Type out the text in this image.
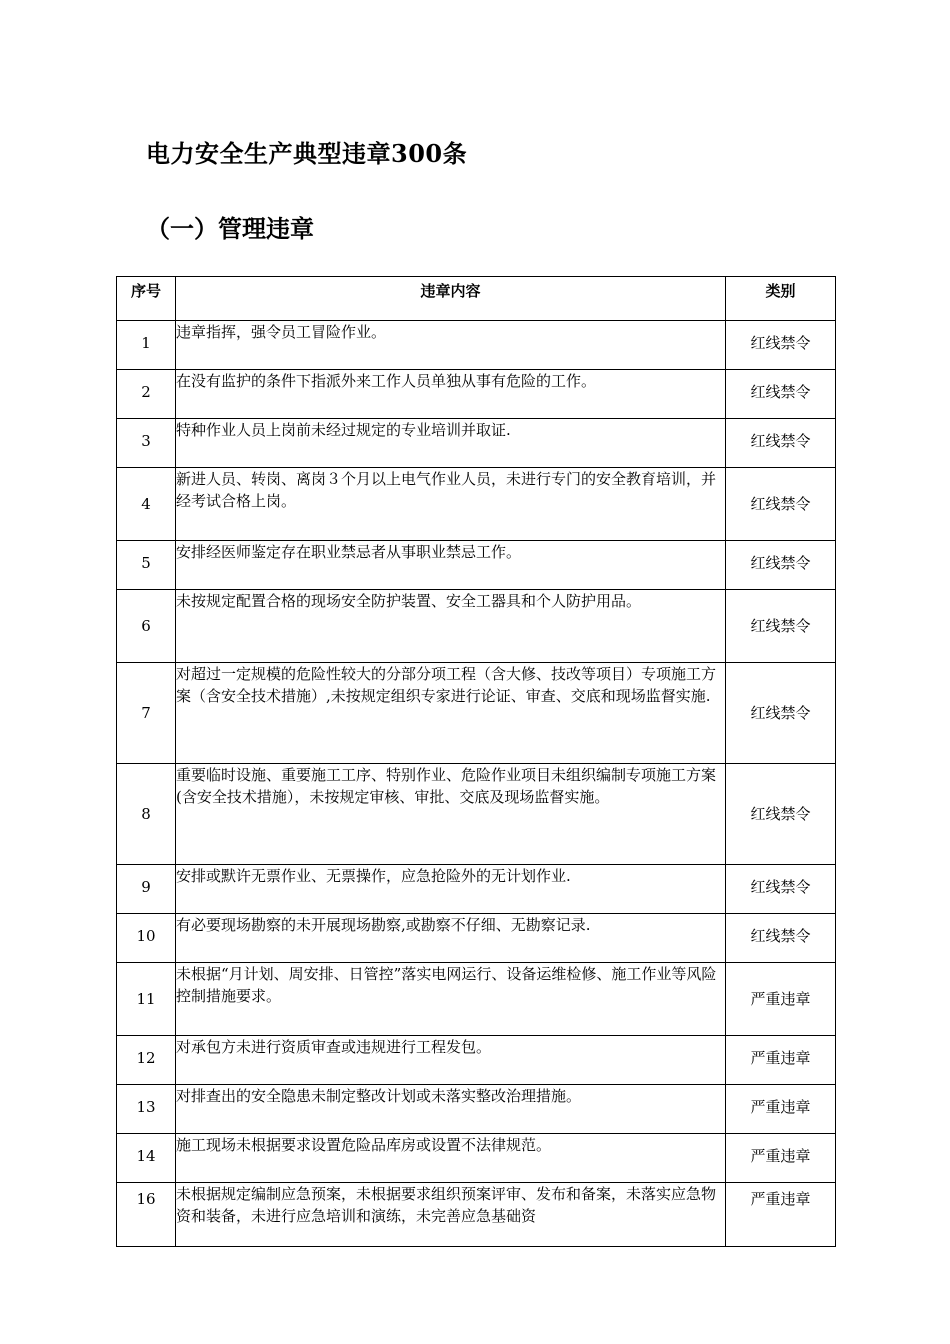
电力安全生产典型违章300条
（一）管理违章
序号	违章内容	类别
1	违章指挥，强令员工冒险作业。	红线禁令
2	在没有监护的条件下指派外来工作人员单独从事有危险的工作。	红线禁令
3	特种作业人员上岗前未经过规定的专业培训并取证.	红线禁令
4	新进人员、转岗、离岗３个月以上电气作业人员，未进行专门的安全教育培训，并经考试合格上岗。	红线禁令
5	安排经医师鉴定存在职业禁忌者从事职业禁忌工作。	红线禁令
6	未按规定配置合格的现场安全防护装置、安全工器具和个人防护用品。	红线禁令
7	对超过一定规模的危险性较大的分部分项工程（含大修、技改等项目）专项施工方案（含安全技术措施）,未按规定组织专家进行论证、审查、交底和现场监督实施.	红线禁令
8	重要临时设施、重要施工工序、特别作业、危险作业项目未组织编制专项施工方案(含安全技术措施），未按规定审核、审批、交底及现场监督实施。	红线禁令
9	安排或默许无票作业、无票操作，应急抢险外的无计划作业.	红线禁令
10	有必要现场勘察的未开展现场勘察,或勘察不仔细、无勘察记录.	红线禁令
11	未根据“月计划、周安排、日管控”落实电网运行、设备运维检修、施工作业等风险控制措施要求。	严重违章
12	对承包方未进行资质审查或违规进行工程发包。	严重违章
13	对排查出的安全隐患未制定整改计划或未落实整改治理措施。	严重违章
14	施工现场未根据要求设置危险品库房或设置不法律规范。	严重违章
16	未根据规定编制应急预案，未根据要求组织预案评审、发布和备案，未落实应急物资和装备，未进行应急培训和演练，未完善应急基础资	严重违章
